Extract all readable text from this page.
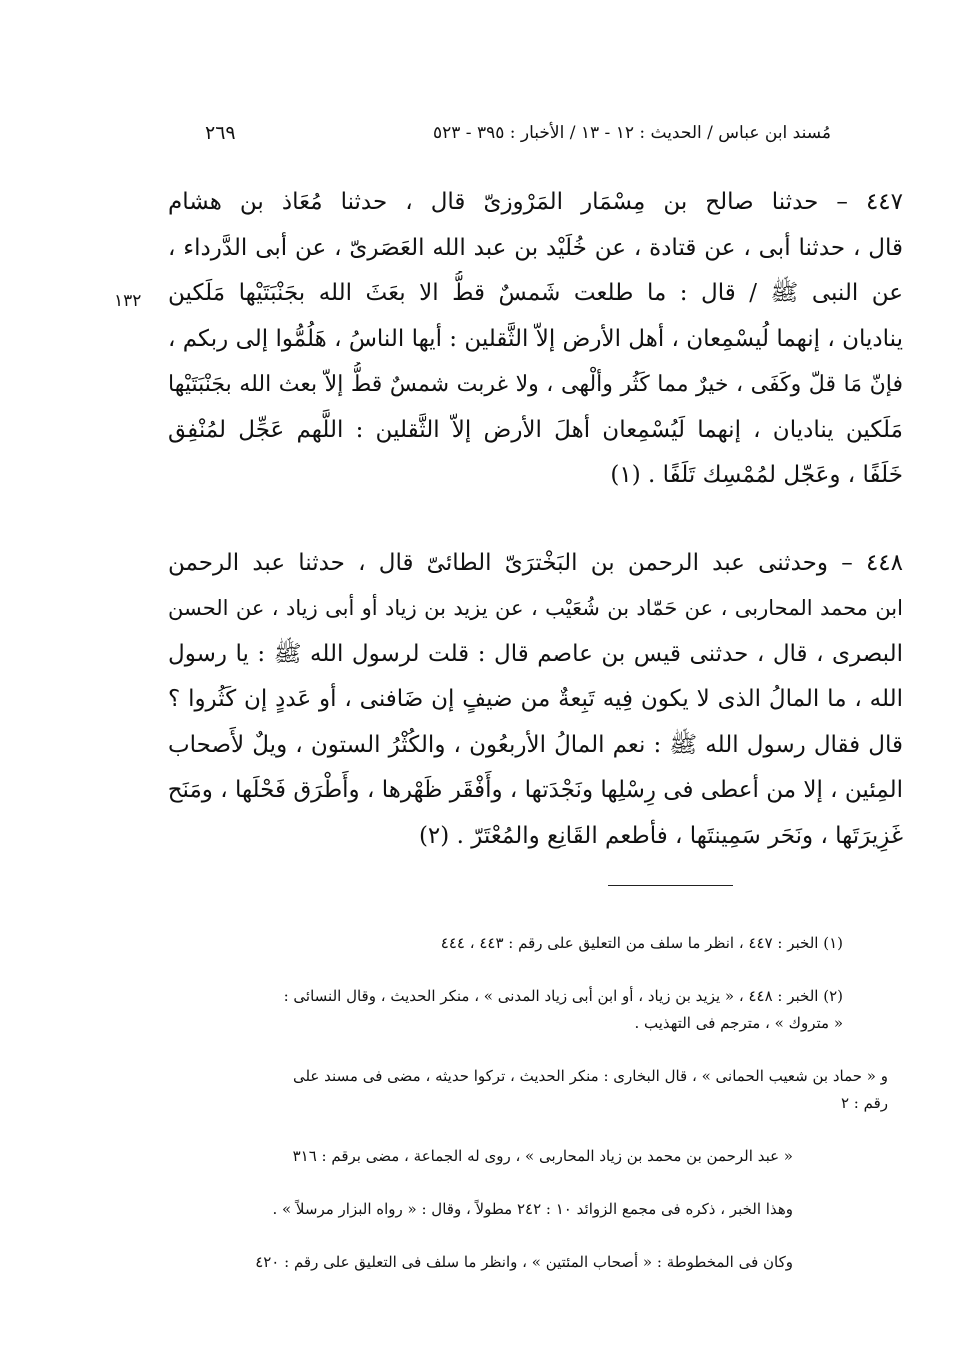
مُسند ابن عباس / الحديث : ١٢ - ١٣ / الأخبار : ٣٩٥ - ٥٢٣
٢٦٩
١٣٢
٤٤٧ – حدثنا صالح بن مِسْمَار المَرْوزىّ قال ، حدثنا مُعَاذ بن هشام
قال ، حدثنا أبى ، عن قتادة ، عن خُلَيْد بن عبد الله العَصَرىّ ، عن أبى الدَّرداء ،
عن النبى ﷺ / قال : ما طلعت شَمسٌ قطُّ الا بعَثَ الله بجَنْبَتَيْها مَلَكين
يناديان ، إنهما لُيسْمِعان ، أهل الأرض إلاّ الثَّقلين : أيها الناسُ ، هَلُمُّوا إلى ربكم ،
فإنّ مَا قلّ وكَفَى ، خيرٌ مما كَثُر وألْهى ، ولا غربت شمسٌ قطُّ إلاّ بعث الله بجَنْبَتَيْها
مَلَكين يناديان ، إنهما لَيُسْمِعان أهلَ الأرض إلاّ الثَّقلين : اللَّهم عَجِّل لمُنْفِق
خَلَفًا ، وعَجّل لمُمْسِك تَلَفًا . (١)
٤٤٨ – وحدثنى عبد الرحمن بن البَخْترَىّ الطائىّ قال ، حدثنا عبد الرحمن
ابن محمد المحاربى ، عن حَمّاد بن شُعَيْب ، عن يزيد بن زياد أو أبى زياد ، عن الحسن
البصرى ، قال ، حدثنى قيس بن عاصم قال : قلت لرسول الله ﷺ : يا رسول
الله ، ما المالُ الذى لا يكون فِيه تَبِعةٌ من ضيفٍ إن ضَافنى ، أو عَددٍ إن كَثُروا ؟
قال فقال رسول الله ﷺ : نعم المالُ الأربعُون ، والكُثْرُ الستون ، ويلٌ لأَصحاب
المِئين ، إلا من أعطى فى رِسْلِها ونَجْدَتها ، وأَفْقَر ظَهْرها ، وأَطْرَق فَحْلَها ، ومَنَح
غَزِيرَتَها ، ونَحَر سَمِينتَها ، فأطعم القَانِع والمُعْتَرّ . (٢)
(١) الخبر : ٤٤٧ ، انظر ما سلف من التعليق على رقم : ٤٤٣ ، ٤٤٤
(٢) الخبر : ٤٤٨ ، « يزيد بن زياد ، أو ابن أبى زياد المدنى » ، منكر الحديث ، وقال النسائى :
« متروك » ، مترجم فى التهذيب .
و « حماد بن شعيب الحمانى » ، قال البخارى : منكر الحديث ، تركوا حديثه ، مضى فى مسند على
رقم : ٢
« عبد الرحمن بن محمد بن زياد المحاربى » ، روى له الجماعة ، مضى برقم : ٣١٦
وهذا الخبر ، ذكره فى مجمع الزوائد ١٠ : ٢٤٢ مطولاً ، وقال : « رواه البزار مرسلاً » .
وكان فى المخطوطة : « أصحاب المئتين » ، وانظر ما سلف فى التعليق على رقم : ٤٢٠
